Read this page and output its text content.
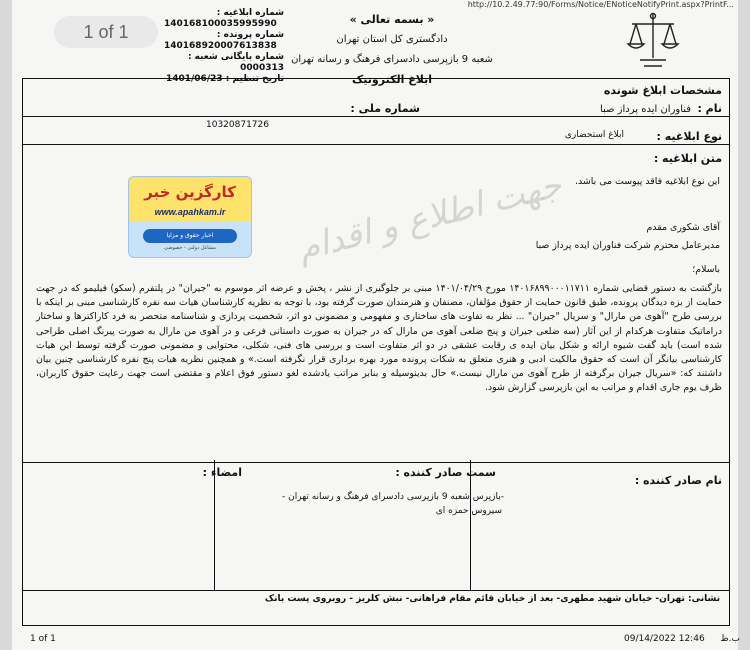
http://10.2.49.77:90/Forms/Notice/ENoticeNotifyPrint.aspx?PrintF...
1 of 1
« بسمه تعالی »
دادگستری کل استان تهران
شعبه 9 بازپرسی دادسرای فرهنگ و رسانه تهران
ابلاغ الکترونیک
شماره ابلاغیه :
140168100035995990
شماره پرونده :
140168920007613838
شماره بایگانی شعبه : 0000313
تاریخ تنظیم : 1401/06/23
مشخصات ابلاغ شونده
نام :  فناوران ایده پرداز صبا
شماره ملی :
10320871726
نوع ابلاغیه :
ابلاغ استحضاری
متن ابلاغیه :
این نوع ابلاغیه فاقد پیوست می باشد.
آقای شکوری مقدم
مدیرعامل محترم شرکت فناوران ایده پرداز صبا
باسلام؛
بازگشت به دستور قضایی شماره ۱۴۰۱۶۸۹۹۰۰۰۱۱۷۱۱ مورخ ۱۴۰۱/۰۴/۲۹ مبنی بر جلوگیری از نشر ، پخش و عرضه اثر موسوم به "جیران" در پلتفرم (سکو) فیلیمو که در جهت حمایت از بزه دیدگان پرونده، طبق قانون حمایت از حقوق مؤلفان، مصنفان و هنرمندان صورت گرفته بود، با توجه به نظریه کارشناسان هیات سه نفره کارشناسی مبنی بر اینکه با بررسی طرح "آهوی من مارال" و سریال "جیران" ... نظر به تفاوت های ساختاری و مفهومی و مضمونی دو اثر، شخصیت پردازی و شناسنامه متحصر به فرد کاراکترها و ساختار دراماتیک متفاوت هرکدام از این آثار (سه ضلعی جیران و پنج ضلعی آهوی من مارال که در جیران به صورت داستانی فرعی و در آهوی من مارال به صورت پیرنگ اصلی طراحی شده است) باید گفت شیوه ارائه و شکل بیان ایده ی رقابت عشقی در دو اثر متفاوت است و بررسی های فنی، شکلی، محتوایی و مضمونی صورت گرفته توسط این هیات کارشناسی بیانگر آن است که حقوق مالکیت ادبی و هنری متعلق به شکات پرونده مورد بهره برداری قرار نگرفته است.» و همچنین نظریه هیات پنج نفره کارشناسی چنین بیان داشتند که: «سریال جیران برگرفته از طرح آهوی من مارال نیست.» حال بدینوسیله و بنابر مراتب یادشده لغو دستور فوق اعلام و مقتضی است جهت رعایت حقوق کاربران، ظرف یوم جاری اقدام و مراتب به این بازپرسی گزارش شود.
جهت اطلاع و اقدام
کارگزین خبر
www.apahkam.ir
اخبار حقوق و مزایا
مشاغل دولتی - خصوصی
نام صادر کننده :
سمت صادر کننده :
امضاء :
-بازپرس شعبه 9 بازپرسی دادسرای فرهنگ و رسانه تهران -
سیروس حمزه ای
نشانی: تهران- خیابان شهید مطهری- بعد از خیابان قائم مقام فراهانی- نبش کلریز - روبروی پست بانک
1 of 1	09/14/2022 12:46 ب.ظ
